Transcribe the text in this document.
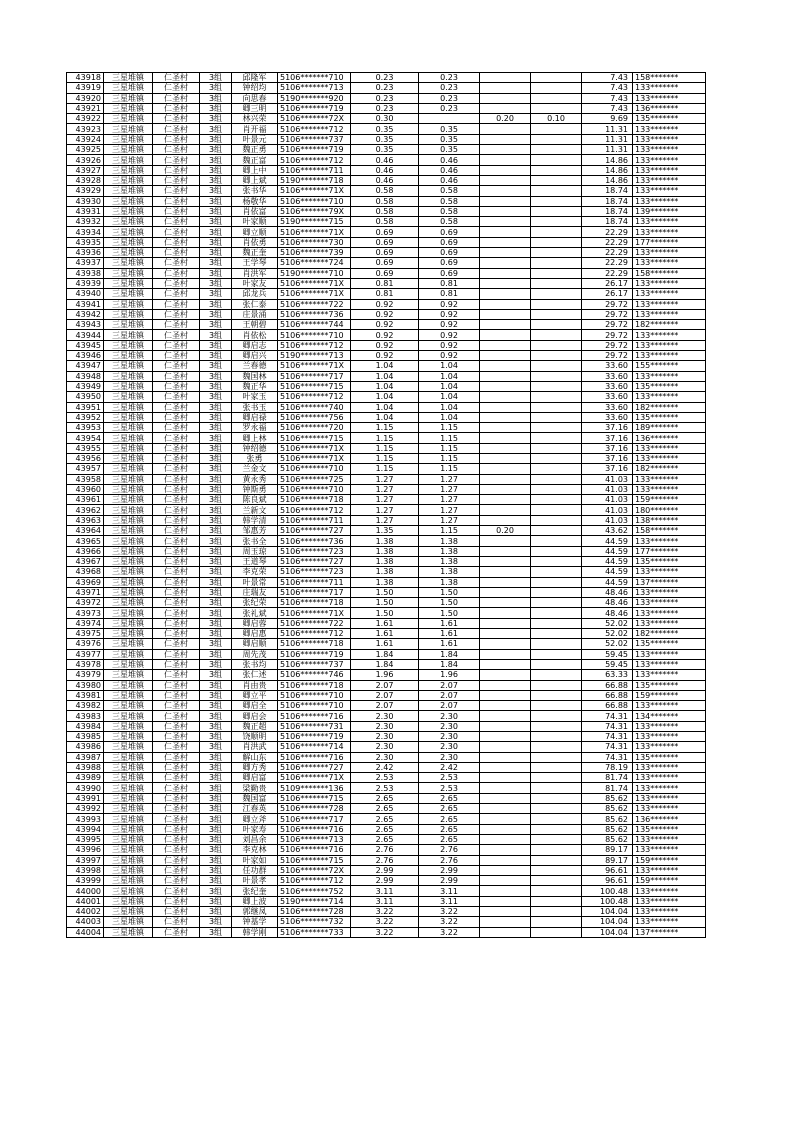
43918	三星堆镇	仁圣村	3组	邱隆军	5106*******710	0.23	0.23			7.43	158*******
43919	三星堆镇	仁圣村	3组	钟绍均	5106*******713	0.23	0.23			7.43	133*******
43920	三星堆镇	仁圣村	3组	向思春	5190*******920	0.23	0.23			7.43	133*******
43921	三星堆镇	仁圣村	3组	卿三明	5106*******719	0.23	0.23			7.43	136*******
43922	三星堆镇	仁圣村	3组	林兴荣	5106*******72X	0.30		0.20	0.10	9.69	135*******
43923	三星堆镇	仁圣村	3组	肖开福	5106*******712	0.35	0.35			11.31	133*******
43924	三星堆镇	仁圣村	3组	叶景元	5106*******737	0.35	0.35			11.31	133*******
43925	三星堆镇	仁圣村	3组	魏正勇	5106*******719	0.35	0.35			11.31	133*******
43926	三星堆镇	仁圣村	3组	魏正富	5106*******712	0.46	0.46			14.86	133*******
43927	三星堆镇	仁圣村	3组	卿上中	5106*******711	0.46	0.46			14.86	133*******
43928	三星堆镇	仁圣村	3组	卿上斌	5190*******718	0.46	0.46			14.86	133*******
43929	三星堆镇	仁圣村	3组	张书华	5106*******71X	0.58	0.58			18.74	133*******
43930	三星堆镇	仁圣村	3组	杨敬华	5106*******710	0.58	0.58			18.74	133*******
43931	三星堆镇	仁圣村	3组	肖依富	5106*******79X	0.58	0.58			18.74	139*******
43932	三星堆镇	仁圣村	3组	叶家顺	5190*******715	0.58	0.58			18.74	133*******
43934	三星堆镇	仁圣村	3组	卿立顺	5106*******71X	0.69	0.69			22.29	133*******
43935	三星堆镇	仁圣村	3组	肖依勇	5106*******730	0.69	0.69			22.29	177*******
43936	三星堆镇	仁圣村	3组	魏正奎	5106*******739	0.69	0.69			22.29	133*******
43937	三星堆镇	仁圣村	3组	王学琴	5106*******724	0.69	0.69			22.29	133*******
43938	三星堆镇	仁圣村	3组	肖洪军	5190*******710	0.69	0.69			22.29	158*******
43939	三星堆镇	仁圣村	3组	叶家友	5106*******71X	0.81	0.81			26.17	133*******
43940	三星堆镇	仁圣村	3组	邱龙兵	5106*******71X	0.81	0.81			26.17	133*******
43941	三星堆镇	仁圣村	3组	张仁泰	5106*******722	0.92	0.92			29.72	133*******
43942	三星堆镇	仁圣村	3组	庄景涌	5106*******736	0.92	0.92			29.72	133*******
43943	三星堆镇	仁圣村	3组	王朝碧	5106*******744	0.92	0.92			29.72	182*******
43944	三星堆镇	仁圣村	3组	肖依松	5106*******710	0.92	0.92			29.72	133*******
43945	三星堆镇	仁圣村	3组	卿启志	5106*******712	0.92	0.92			29.72	133*******
43946	三星堆镇	仁圣村	3组	卿启兴	5190*******713	0.92	0.92			29.72	133*******
43947	三星堆镇	仁圣村	3组	兰春德	5106*******71X	1.04	1.04			33.60	155*******
43948	三星堆镇	仁圣村	3组	魏国林	5106*******717	1.04	1.04			33.60	133*******
43949	三星堆镇	仁圣村	3组	魏正华	5106*******715	1.04	1.04			33.60	135*******
43950	三星堆镇	仁圣村	3组	叶家玉	5106*******712	1.04	1.04			33.60	133*******
43951	三星堆镇	仁圣村	3组	张书玉	5106*******740	1.04	1.04			33.60	182*******
43952	三星堆镇	仁圣村	3组	卿启禄	5106*******756	1.04	1.04			33.60	135*******
43953	三星堆镇	仁圣村	3组	罗永福	5106*******720	1.15	1.15			37.16	189*******
43954	三星堆镇	仁圣村	3组	卿上林	5106*******715	1.15	1.15			37.16	136*******
43955	三星堆镇	仁圣村	3组	钟绍德	5106*******71X	1.15	1.15			37.16	133*******
43956	三星堆镇	仁圣村	3组	张勇	5106*******71X	1.15	1.15			37.16	133*******
43957	三星堆镇	仁圣村	3组	兰金文	5106*******710	1.15	1.15			37.16	182*******
43958	三星堆镇	仁圣村	3组	黄永秀	5106*******725	1.27	1.27			41.03	133*******
43960	三星堆镇	仁圣村	3组	钟斯勇	5106*******710	1.27	1.27			41.03	133*******
43961	三星堆镇	仁圣村	3组	陈良斌	5106*******718	1.27	1.27			41.03	159*******
43962	三星堆镇	仁圣村	3组	兰新文	5106*******712	1.27	1.27			41.03	180*******
43963	三星堆镇	仁圣村	3组	韩学清	5106*******711	1.27	1.27			41.03	138*******
43964	三星堆镇	仁圣村	3组	邹惠芳	5106*******727	1.35	1.15	0.20		43.62	158*******
43965	三星堆镇	仁圣村	3组	张书全	5106*******736	1.38	1.38			44.59	133*******
43966	三星堆镇	仁圣村	3组	周玉琼	5106*******723	1.38	1.38			44.59	177*******
43967	三星堆镇	仁圣村	3组	王道琴	5106*******727	1.38	1.38			44.59	135*******
43968	三星堆镇	仁圣村	3组	李克荣	5106*******723	1.38	1.38			44.59	133*******
43969	三星堆镇	仁圣村	3组	叶景常	5106*******711	1.38	1.38			44.59	137*******
43971	三星堆镇	仁圣村	3组	庄瑞友	5106*******717	1.50	1.50			48.46	133*******
43972	三星堆镇	仁圣村	3组	张纪荣	5106*******718	1.50	1.50			48.46	133*******
43973	三星堆镇	仁圣村	3组	张礼斌	5106*******71X	1.50	1.50			48.46	133*******
43974	三星堆镇	仁圣村	3组	卿启蓉	5106*******722	1.61	1.61			52.02	133*******
43975	三星堆镇	仁圣村	3组	卿启惠	5106*******712	1.61	1.61			52.02	182*******
43976	三星堆镇	仁圣村	3组	卿启顺	5106*******718	1.61	1.61			52.02	135*******
43977	三星堆镇	仁圣村	3组	周先茂	5106*******719	1.84	1.84			59.45	133*******
43978	三星堆镇	仁圣村	3组	张书均	5106*******737	1.84	1.84			59.45	133*******
43979	三星堆镇	仁圣村	3组	张仁述	5106*******746	1.96	1.96			63.33	133*******
43980	三星堆镇	仁圣村	3组	肖由贵	5106*******718	2.07	2.07			66.88	135*******
43981	三星堆镇	仁圣村	3组	卿立平	5106*******710	2.07	2.07			66.88	159*******
43982	三星堆镇	仁圣村	3组	卿启全	5106*******710	2.07	2.07			66.88	133*******
43983	三星堆镇	仁圣村	3组	卿启会	5106*******716	2.30	2.30			74.31	134*******
43984	三星堆镇	仁圣村	3组	魏正超	5106*******731	2.30	2.30			74.31	133*******
43985	三星堆镇	仁圣村	3组	饶顺明	5106*******719	2.30	2.30			74.31	133*******
43986	三星堆镇	仁圣村	3组	肖洪武	5106*******714	2.30	2.30			74.31	133*******
43987	三星堆镇	仁圣村	3组	解山东	5106*******716	2.30	2.30			74.31	135*******
43988	三星堆镇	仁圣村	3组	卿方秀	5106*******727	2.42	2.42			78.19	133*******
43989	三星堆镇	仁圣村	3组	卿启富	5106*******71X	2.53	2.53			81.74	133*******
43990	三星堆镇	仁圣村	3组	梁勤贵	5109*******136	2.53	2.53			81.74	133*******
43991	三星堆镇	仁圣村	3组	魏国富	5106*******715	2.65	2.65			85.62	133*******
43992	三星堆镇	仁圣村	3组	江春英	5106*******728	2.65	2.65			85.62	133*******
43993	三星堆镇	仁圣村	3组	卿立斧	5106*******717	2.65	2.65			85.62	136*******
43994	三星堆镇	仁圣村	3组	叶家寿	5106*******716	2.65	2.65			85.62	135*******
43995	三星堆镇	仁圣村	3组	刘昌余	5106*******713	2.65	2.65			85.62	133*******
43996	三星堆镇	仁圣村	3组	李克林	5106*******716	2.76	2.76			89.17	133*******
43997	三星堆镇	仁圣村	3组	叶家如	5106*******715	2.76	2.76			89.17	159*******
43998	三星堆镇	仁圣村	3组	任功群	5106*******72X	2.99	2.99			96.61	133*******
43999	三星堆镇	仁圣村	3组	叶景孝	5106*******712	2.99	2.99			96.61	159*******
44000	三星堆镇	仁圣村	3组	张纪奎	5106*******752	3.11	3.11			100.48	133*******
44001	三星堆镇	仁圣村	3组	卿上波	5190*******714	3.11	3.11			100.48	133*******
44002	三星堆镇	仁圣村	3组	郭继凤	5106*******728	3.22	3.22			104.04	133*******
44003	三星堆镇	仁圣村	3组	钟基学	5106*******732	3.22	3.22			104.04	133*******
44004	三星堆镇	仁圣村	3组	韩学刚	5106*******733	3.22	3.22			104.04	137*******
